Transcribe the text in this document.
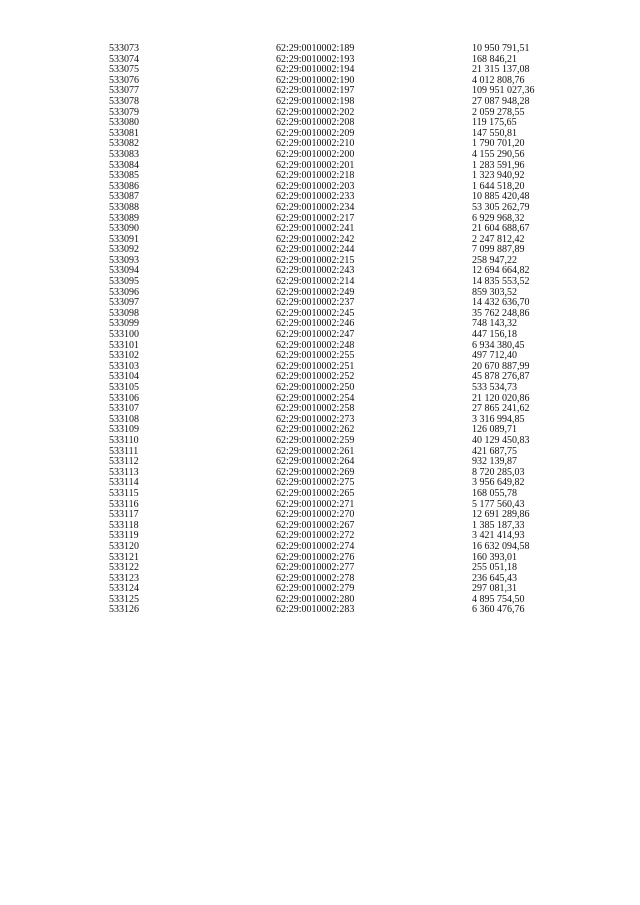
533073	62:29:0010002:189	10 950 791,51
533074	62:29:0010002:193	168 846,21
533075	62:29:0010002:194	21 315 137,08
533076	62:29:0010002:190	4 012 808,76
533077	62:29:0010002:197	109 951 027,36
533078	62:29:0010002:198	27 087 948,28
533079	62:29:0010002:202	2 059 278,55
533080	62:29:0010002:208	119 175,65
533081	62:29:0010002:209	147 550,81
533082	62:29:0010002:210	1 790 701,20
533083	62:29:0010002:200	4 155 290,56
533084	62:29:0010002:201	1 283 591,96
533085	62:29:0010002:218	1 323 940,92
533086	62:29:0010002:203	1 644 518,20
533087	62:29:0010002:233	10 885 420,48
533088	62:29:0010002:234	53 305 262,79
533089	62:29:0010002:217	6 929 968,32
533090	62:29:0010002:241	21 604 688,67
533091	62:29:0010002:242	2 247 812,42
533092	62:29:0010002:244	7 099 887,89
533093	62:29:0010002:215	258 947,22
533094	62:29:0010002:243	12 694 664,82
533095	62:29:0010002:214	14 835 553,52
533096	62:29:0010002:249	859 303,52
533097	62:29:0010002:237	14 432 636,70
533098	62:29:0010002:245	35 762 248,86
533099	62:29:0010002:246	748 143,32
533100	62:29:0010002:247	447 156,18
533101	62:29:0010002:248	6 934 380,45
533102	62:29:0010002:255	497 712,40
533103	62:29:0010002:251	20 670 887,99
533104	62:29:0010002:252	45 878 276,87
533105	62:29:0010002:250	533 534,73
533106	62:29:0010002:254	21 120 020,86
533107	62:29:0010002:258	27 865 241,62
533108	62:29:0010002:273	3 316 994,85
533109	62:29:0010002:262	126 089,71
533110	62:29:0010002:259	40 129 450,83
533111	62:29:0010002:261	421 687,75
533112	62:29:0010002:264	932 139,87
533113	62:29:0010002:269	8 720 285,03
533114	62:29:0010002:275	3 956 649,82
533115	62:29:0010002:265	168 055,78
533116	62:29:0010002:271	5 177 560,43
533117	62:29:0010002:270	12 691 289,86
533118	62:29:0010002:267	1 385 187,33
533119	62:29:0010002:272	3 421 414,93
533120	62:29:0010002:274	16 632 094,58
533121	62:29:0010002:276	160 393,01
533122	62:29:0010002:277	255 051,18
533123	62:29:0010002:278	236 645,43
533124	62:29:0010002:279	297 081,31
533125	62:29:0010002:280	4 895 754,50
533126	62:29:0010002:283	6 360 476,76
